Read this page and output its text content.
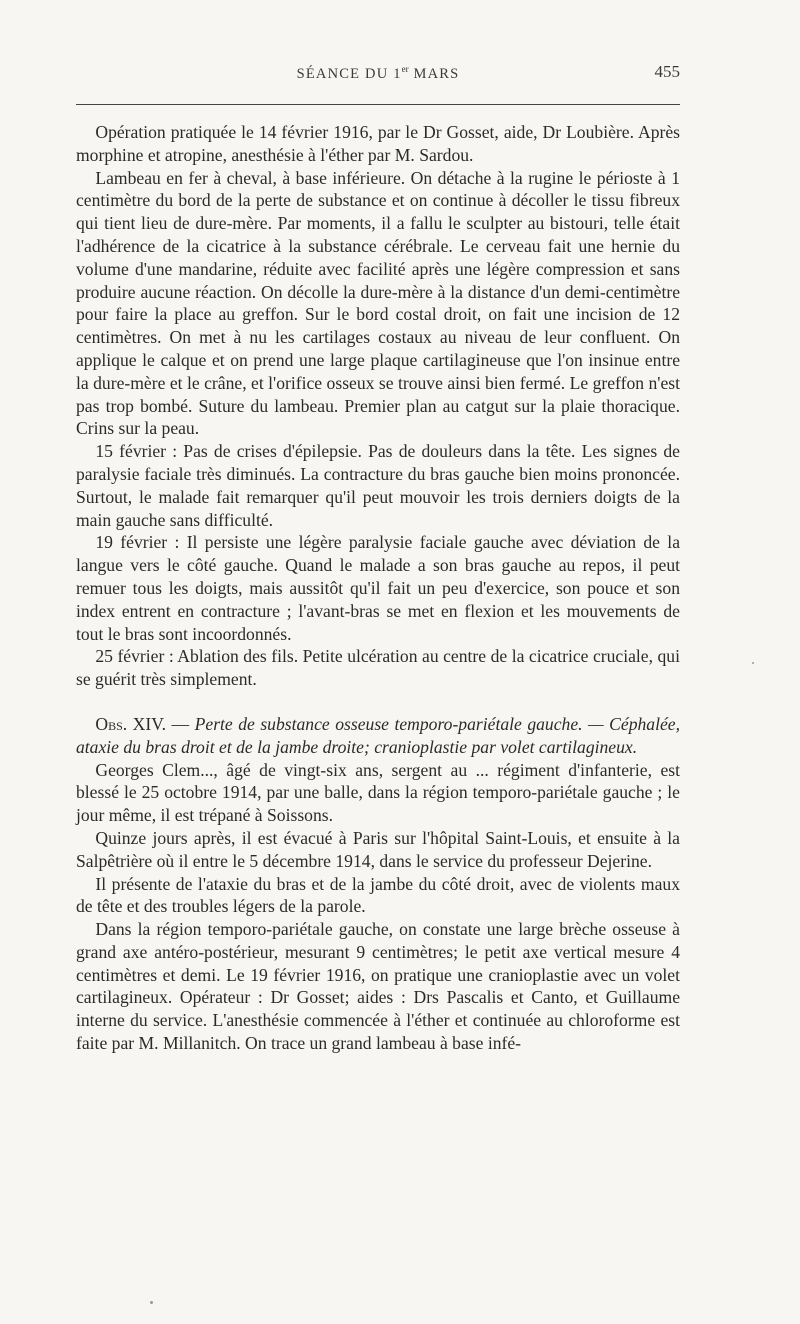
SÉANCE DU 1er MARS	455

Opération pratiquée le 14 février 1916, par le Dr Gosset, aide, Dr Loubière. Après morphine et atropine, anesthésie à l'éther par M. Sardou.

Lambeau en fer à cheval, à base inférieure. On détache à la rugine le périoste à 1 centimètre du bord de la perte de substance et on continue à décoller le tissu fibreux qui tient lieu de dure-mère. Par moments, il a fallu le sculpter au bistouri, telle était l'adhérence de la cicatrice à la substance cérébrale. Le cerveau fait une hernie du volume d'une mandarine, réduite avec facilité après une légère compression et sans produire aucune réaction. On décolle la dure-mère à la distance d'un demi-centimètre pour faire la place au greffon. Sur le bord costal droit, on fait une incision de 12 centimètres. On met à nu les cartilages costaux au niveau de leur confluent. On applique le calque et on prend une large plaque cartilagineuse que l'on insinue entre la dure-mère et le crâne, et l'orifice osseux se trouve ainsi bien fermé. Le greffon n'est pas trop bombé. Suture du lambeau. Premier plan au catgut sur la plaie thoracique. Crins sur la peau.

15 février : Pas de crises d'épilepsie. Pas de douleurs dans la tête. Les signes de paralysie faciale très diminués. La contracture du bras gauche bien moins prononcée. Surtout, le malade fait remarquer qu'il peut mouvoir les trois derniers doigts de la main gauche sans difficulté.

19 février : Il persiste une légère paralysie faciale gauche avec déviation de la langue vers le côté gauche. Quand le malade a son bras gauche au repos, il peut remuer tous les doigts, mais aussitôt qu'il fait un peu d'exercice, son pouce et son index entrent en contracture ; l'avant-bras se met en flexion et les mouvements de tout le bras sont incoordonnés.

25 février : Ablation des fils. Petite ulcération au centre de la cicatrice cruciale, qui se guérit très simplement.

Obs. XIV. — Perte de substance osseuse temporo-pariétale gauche. — Céphalée, ataxie du bras droit et de la jambe droite; cranioplastie par volet cartilagineux.

Georges Clem..., âgé de vingt-six ans, sergent au ... régiment d'infanterie, est blessé le 25 octobre 1914, par une balle, dans la région temporo-pariétale gauche ; le jour même, il est trépané à Soissons.

Quinze jours après, il est évacué à Paris sur l'hôpital Saint-Louis, et ensuite à la Salpêtrière où il entre le 5 décembre 1914, dans le service du professeur Dejerine.

Il présente de l'ataxie du bras et de la jambe du côté droit, avec de violents maux de tête et des troubles légers de la parole.

Dans la région temporo-pariétale gauche, on constate une large brèche osseuse à grand axe antéro-postérieur, mesurant 9 centimètres; le petit axe vertical mesure 4 centimètres et demi. Le 19 février 1916, on pratique une cranioplastie avec un volet cartilagineux. Opérateur : Dr Gosset; aides : Drs Pascalis et Canto, et Guillaume interne du service. L'anesthésie commencée à l'éther et continuée au chloroforme est faite par M. Millanitch. On trace un grand lambeau à base infé-
